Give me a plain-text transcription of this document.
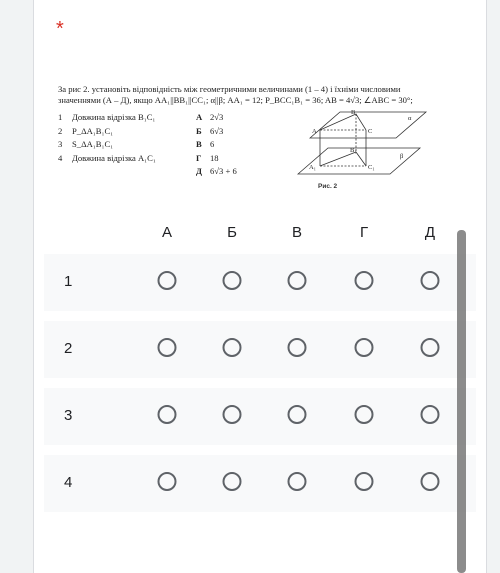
*

За рис 2. установіть відповідність між геометричними величинами (1 – 4) і їхніми числовими

значеннями (А – Д), якщо AA₁||BB₁||CC₁; α||β; AA₁ = 12; P_BCC₁B₁ = 36; AB = 4√3; ∠ABC = 30°;

1	Довжина відрізка B₁C₁	А 2√3
2	P_ΔA₁B₁C₁	Б 6√3
3	S_ΔA₁B₁C₁	В 6
4	Довжина відрізка A₁C₁	Г 18
Д 6√3 + 6
B
A	C
B₁
A₁	C₁
α
β
Рис. 2
А	Б	В	Г	Д
1
2
3
4
